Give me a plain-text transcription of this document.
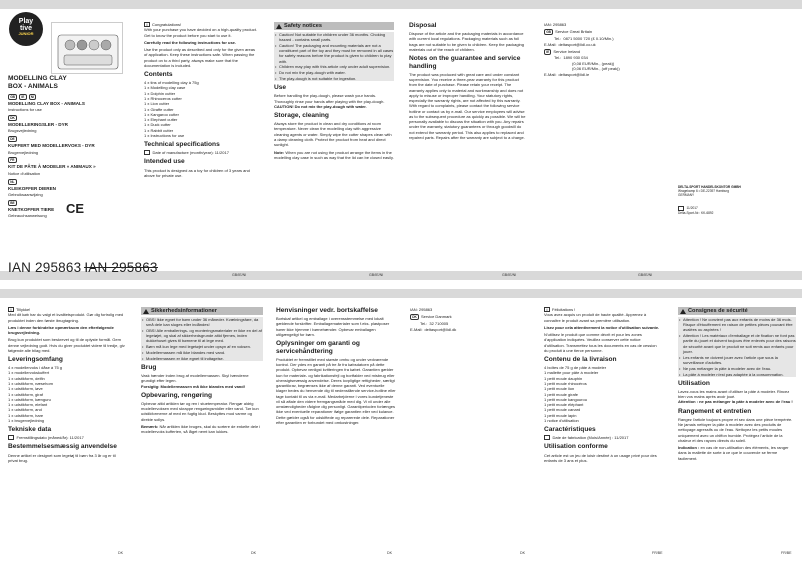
Play
tive
JUNIOR
MODELLING CLAY BOX - ANIMALS
GB	IE	NI
MODELLING CLAY BOX - ANIMALS
Instructions for use
DK
MODELLERINGSLER - DYR
Brugsvejledning
DE
KUFFERT MED MODELLERVOKS - DYR
Brugervejledning
FR
KIT DE PÂTE À MODELER « ANIMAUX »
Notice d'utilisation
NL
KLEIKOFFER DIEREN
Gebruiksaanwijzing
BE
KNETKOFFER TIERE
Gebrauchsanweisung	CE
IAN 295863 IAN 295863
i	Congratulations!
With your purchase you have decided on a high-quality product. Get to know the product before you start to use it.
Carefully read the following instructions for use.
Use the product only as described and only for the given areas of application. Keep these instructions safe. When passing the product on to a third party, always make sure that the documentation is included.
Contents
4 x tins of modelling clay à 75g
1 x Modelling clay case
1 x Dolphin cutter
1 x Rhinoceros cutter
1 x Lion cutter
1 x Giraffe cutter
1 x Kangaroo cutter
1 x Elephant cutter
1 x Duck cutter
1 x Rabbit cutter
1 x Instructions for use
Technical specifications
Date of manufacture (month/year): 11/2017
Intended use
This product is designed as a toy for children of 3 years and above for private use.
Safety notices
• Caution! Not suitable for children under 36 months. Choking hazard - contains small parts.
• Caution! The packaging and mounting materials are not a constituent part of the toy and they must be removed in all cases for safety reasons before the product is given to children to play with.
• Children may play with this article only under adult supervision.
• Do not mix the play-dough with water.
• The play-dough is not suitable for ingestion.
Use
Before handling the play-dough, please wash your hands. Thoroughly rinse your hands after playing with the play-dough.
CAUTION! Do not mix the play-dough with water.
Storage, cleaning
Always store the product in clean and dry conditions at room temperature. Never clean the modelling clay with aggressive cleaning agents or water. Simply wipe the cutter shapes clean with a damp cleaning cloth. Protect the product from heat and direct sunlight.
Note: When you are not using the product arrange the items in the modelling clay case in such as way that the lid can be closed easily.
Disposal
Dispose of the article and the packaging materials in accordance with current local regulations. Packaging materials such as foil bags are not suitable to be given to children. Keep the packaging materials out of the reach of children.
Notes on the guarantee and service handling
The product was produced with great care and under constant supervision. You receive a three-year warranty for this product from the date of purchase. Please retain your receipt. The warranty applies only to material and workmanship and does not apply to misuse or improper handling. Your statutory rights, especially the warranty rights, are not affected by this warranty. With regard to complaints, please contact the following service hotline or contact us by e-mail. Our service employees will advise as to the subsequent procedure as quickly as possible. We will be personally available to discuss the situation with you. Any repairs under the warranty, statutory guarantees or through goodwill do not extend the warranty period. This also applies to replaced and repaired parts. Repairs after the warranty are subject to a charge.
IAN: 295863
GB	Service Great Britain
Tel.: 0871 5000 720 (£ 0.10/Min.)
E-Mail: deltasport@lidl.co.uk
IE	Service Ireland
Tel.: 1890 930 034
(0,08 EUR/Min., (peak))
(0,06 EUR/Min., (off peak))
E-Mail: deltasport@lidl.ie
DELTA-SPORT HANDELSKONTOR GMBH
Wragekamp 6 • DE-22397 Hamburg
GERMANY
11/2017
Delta-Sport-Nr.: KK-6892
GB/IE/NI	GB/IE/NI	GB/IE/NI	GB/IE/NI
i	Tillykke!
Med dit køb har du valgt et kvalitetsprodukt. Gør dig fortrolig med produktet inden den første ibrugtagning.
Læs i denne forbindelse opmærksom den efterfølgende brugsvejledning.
Brug kun produktet som beskrevet og til de oplyste formål. Gem denne vejledning godt. Hvis du giver produktet videre til tredje, giv følgende alle bilag med.
Leveringsomfang
4 x modellervoks i dåse á 75 g
1 x modellervokskuffert
1 x udstikform, delfin
1 x udstikform, næsehorn
1 x udstikform, løve
1 x udstikform, giraf
1 x udstikform, kænguru
1 x udstikform, elefant
1 x udstikform, and
1 x udstikform, hare
1 x brugervejledning
Tekniske data
Fremstillingsdato (måned/år): 11/2017
Bestemmelsesmæssig anvendelse
Denne artikel er designet som legetøj til børn fra 3 år og er til privat brug.
Sikkerhedsinformationer
• OBS! Ikke egnet for børn under 36 måneder. Kvælningsfare, da små dele kan sluges eller indåndes!
• OBS! Alle emballerings- og monteringsmaterialer er ikke en del af legetøjet, og skal af sikkerhedsgrunde altid fjernes, inden dukkehuset gives til børnene til at lege med.
• Børn må kun lege med legetøjet under opsyn af en voksen.
• Modellermassen må ikke blandes med vand.
• Modellermassen er ikke egnet til indtagelse.
Brug
Vask hænder inden brug af modellermassen. Skyl hænderne grundigt efter legen.
Forsigtig: Modellermassen må ikke blandes med vand!
Opbevaring, rengøring
Opbevar altid artiklen tør og ren i stuetemperatur. Rengør aldrig modellervoksen med skrappe rengøringsmidler eller vand. Tør kun udstikformerne af med en fugtig klud. Beskyttes mod varme og direkte sollys.
Bemærk: Når artiklen ikke bruges, skal du sortere de enkelte dele i modellervoks kufferten, så låget nemt kan lukkes.
Henvisninger vedr. bortskaffelse
Bortskaf artikel og emballage i overensstemmelse med lokalt gældende forskrifter. Emballagematerialer som f.eks. plastposer hører ikke hjemme i børnehænder. Opbevar emballagen utilgængeligt for børn.
Oplysninger om garanti og servicehåndtering
Produktet er fremstillet med største omhu og under vedvarende kontrol. Der ydes en garanti på tre år fra købsdatoen på dette produkt. Opbevar venligst kvitteringen fra købet. Garantien gælder kun for materiale- og fabrikationsfejl og bortfalder ved misbrug eller uhensigtsmæssig anvendelse. Deres lovpligtige rettigheder, særligt garantikrav, begrænses ikke af denne garanti. Ved eventuelle klager bedes du henvende dig til nedenstående service-hotline eller tage kontakt til os via e-mail. Medarbejderne i vores kundetjeneste vil så aftale den videre fremgangsmåde med dig. Vi vil under alle omstændigheder rådgive dig personligt. Garantiperioden forlænges ikke ved eventuelle reparationer ifølge garantien eller ved kulance. Dette gælder også for udskiftede og reparerede dele. Reparationer efter garantien er forbundet med omkostninger.
IAN: 295863
DK	Service Danmark
Tel.: 32 710005
E-Mail: deltasport@lidl.dk
i	Félicitations !
Vous avez acquis un produit de haute qualité. Apprenez à connaître le produit avant sa première utilisation.
Lisez pour cela attentivement la notice d'utilisation suivante.
N'utilisez le produit que comme décrit et pour les zones d'application indiquées. Veuillez conserver cette notice d'utilisation. Transmettez tous les documents en cas de cession du produit à une tierce personne.
Contenu de la livraison
4 boîtes de 75 g de pâte à modeler
1 mallette pour pâte à modeler
1 petit moule dauphin
1 petit moule rhinocéros
1 petit moule lion
1 petit moule girafe
1 petit moule kangourou
1 petit moule éléphant
1 petit moule canard
1 petit moule lapin
1 notice d'utilisation
Caractéristiques
Date de fabrication (Mois/Année) : 11/2017
Utilisation conforme
Cet article est un jeu de loisir destiné à un usage privé pour des enfants de 3 ans et plus.
Consignes de sécurité
• Attention ! Ne convient pas aux enfants de moins de 36 mois. Risque d'étouffement en raison de petites pièces pouvant être avalées ou aspirées !
• Attention ! Les matériaux d'emballage et de fixation ne font pas partie du jouet et doivent toujours être enlevés pour des raisons de sécurité avant que le produit ne soit remis aux enfants pour jouer.
• Les enfants ne doivent jouer avec l'article que sous la surveillance d'adultes.
• Ne pas mélanger la pâte à modeler avec de l'eau.
• La pâte à modeler n'est pas adaptée à la consommation.
Utilisation
Lavez-vous les mains avant d'utiliser la pâte à modeler. Rincez bien vos mains après avoir joué.
Attention : ne pas mélanger la pâte à modeler avec de l'eau !
Rangement et entretien
Rangez l'article toujours propre et sec dans une pièce tempérée. Ne jamais nettoyer la pâte à modeler avec des produits de nettoyage agressifs ou de l'eau. Nettoyez les petits moules uniquement avec un chiffon humide. Protégez l'article de la chaleur et des rayons directs du soleil.
Indication : en cas de non-utilisation des éléments, les ranger dans la mallette de sorte à ce que le couvercle se ferme facilement.
DK	DK	DK	DK	FR/BE	FR/BE
